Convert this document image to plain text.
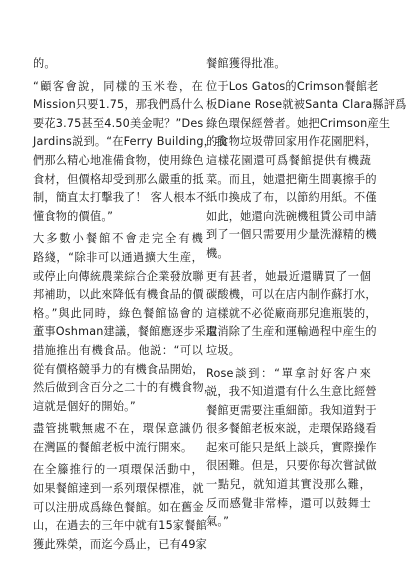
的。
“顧客會說，同樣的玉米卷，在
Mission只要1.75，那我們爲什么
要花3.75甚至4.50美金呢？”Des
Jardins説到。“在Ferry Building，我
們那么精心地准備食物，使用綠色
食材，但價格却受到那么嚴重的抵
制，簡直太打擊我了！ 客人根本不
懂食物的價值。”
大多數小餐館不會走完全有機
路綫，“除非可以通過擴大生産，
或停止向傳統農業綜合企業發放聯
邦補助，以此來降低有機食品的價
格。”與此同時，綠色餐館協會的
董事Oshman建議，餐館應逐步采取
措施推出有機食品。他説：“可以
從有價格競爭力的有機食品開始，
然后做到含百分之二十的有機食物，
這就是個好的開始。”
盡管挑戰無處不在，環保意識仍
在灣區的餐館老板中流行開來。
在全籐推行的一項環保活動中，
如果餐館達到一系列環保標准，就
可以注册成爲綠色餐館。如在舊金
山，在過去的三年中就有15家餐館
獲此殊榮，而迄今爲止，已有49家
餐館獲得批准。
位于Los Gatos的Crimson餐館老
板Diane Rose就被Santa Clara縣評爲
綠色環保經營者。她把Crimson産生
的食物垃圾帶回家用作花園肥料，
這樣花園還可爲餐館提供有機蔬
菜。而且，她還把衛生間裏擦手的
紙巾換成了布，以節約用紙。不僅
如此，她還向洗碗機租賃公司申請
到了一個只需要用少量洗滌精的機
機。
更有甚者，她最近還購買了一個
碳酸機，可以在店内制作蘇打水，
這樣就不必從廠商那兒進瓶裝的，
還消除了生産和運輸過程中産生的
垃圾。
Rose談到：“單拿討好客户來
説，我不知道還有什么生意比經營
餐館更需要注重細節。我知道對于
很多餐館老板來説，走環保路綫看
起來可能只是紙上談兵，實際操作
很困難。但是，只要你每次嘗試做
一點兒，就知道其實没那么難，
反而感覺非常棒，還可以鼓舞士
氣。”
